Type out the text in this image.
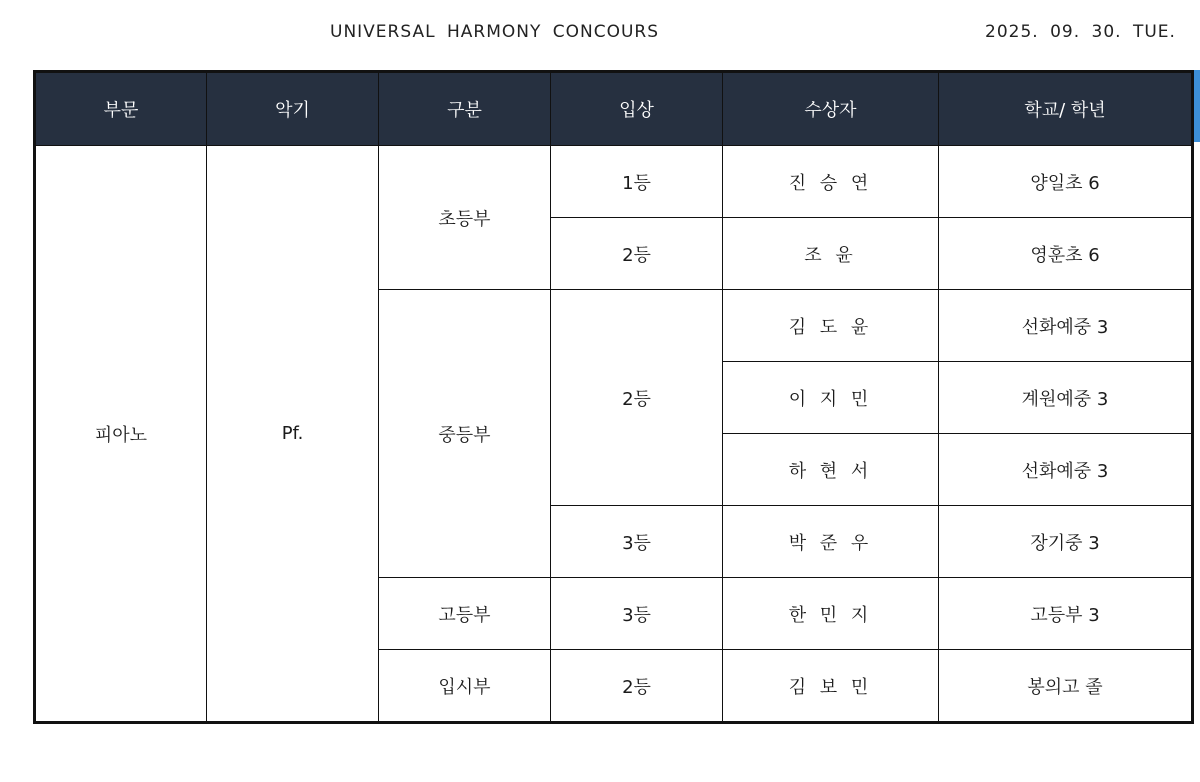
UNIVERSAL HARMONY CONCOURS	2025. 09. 30. TUE.
부문	악기	구분	입상	수상자	학교/ 학년
피아노	Pf.	초등부	1등	진 승 연	양일초 6
			2등	조 윤	영훈초 6
		중등부	2등	김 도 윤	선화예중 3
				이 지 민	계원예중 3
				하 현 서	선화예중 3
			3등	박 준 우	장기중 3
		고등부	3등	한 민 지	고등부 3
		입시부	2등	김 보 민	봉의고 졸
